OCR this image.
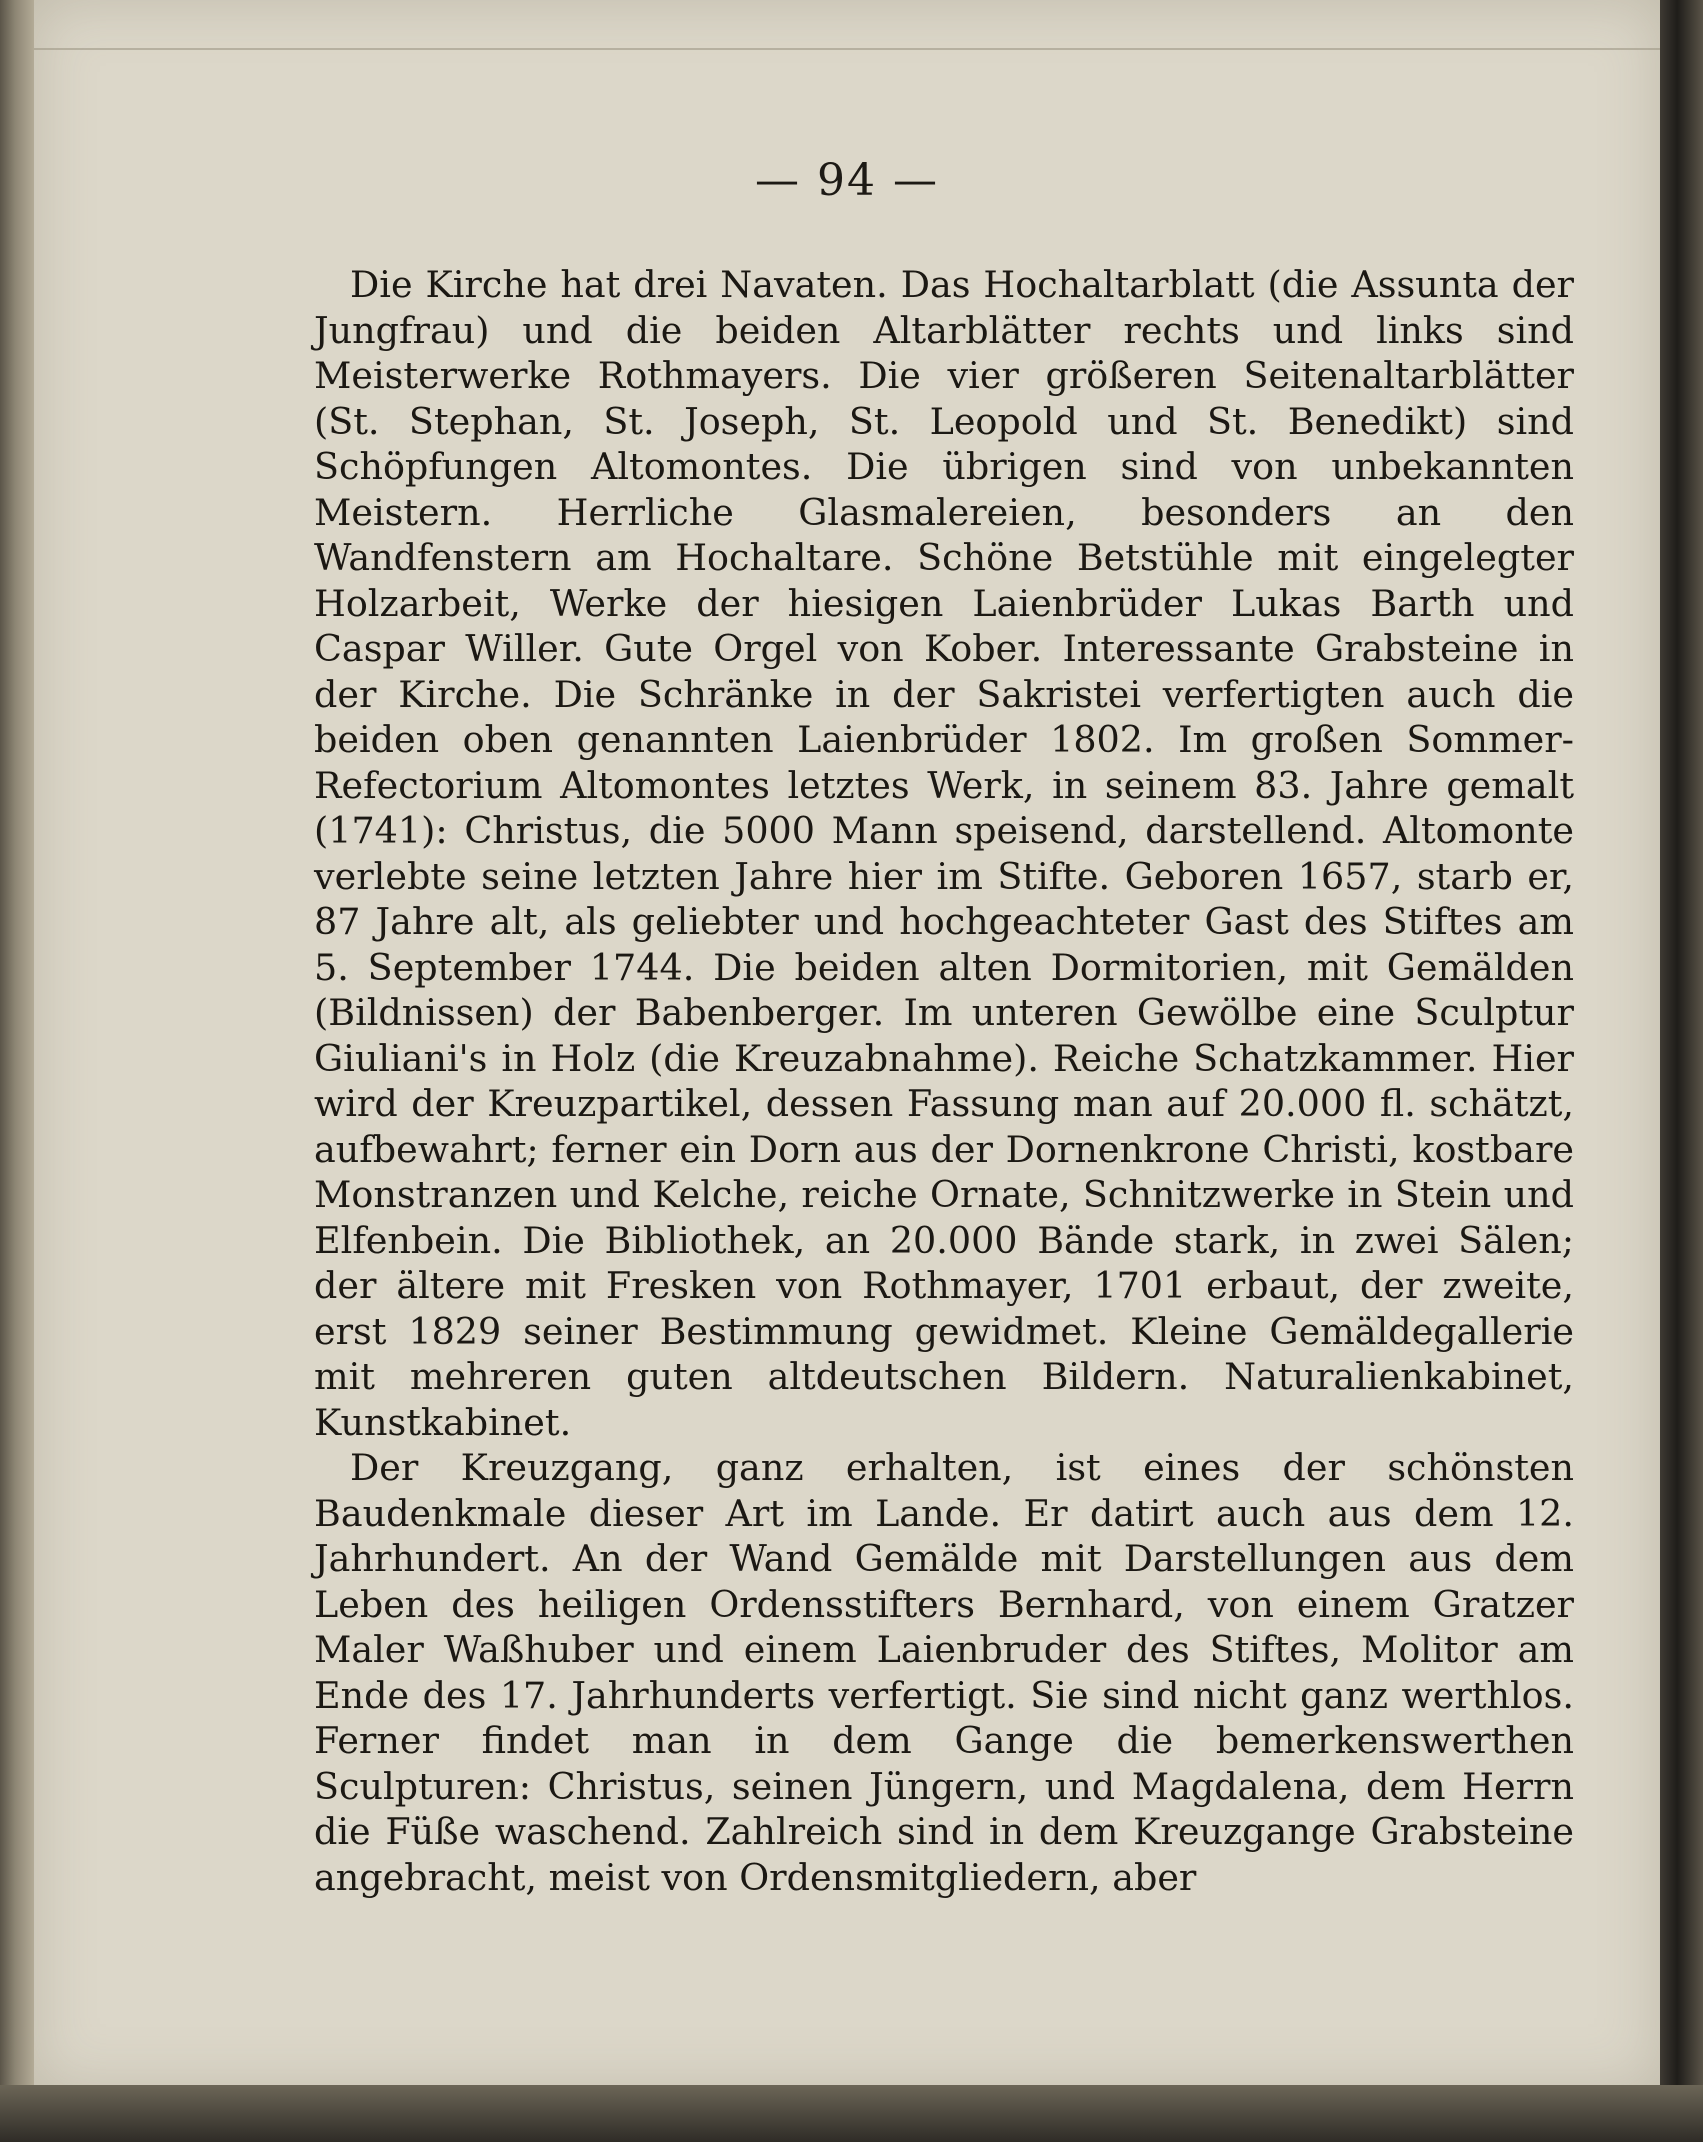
— 94 —

Die Kirche hat drei Navaten. Das Hochaltarblatt (die Assunta der Jungfrau) und die beiden Altarblätter rechts und links sind Meisterwerke Rothmayers. Die vier größeren Seitenaltarblätter (St. Stephan, St. Joseph, St. Leopold und St. Benedikt) sind Schöpfungen Altomontes. Die übrigen sind von unbekannten Meistern. Herrliche Glasmalereien, besonders an den Wandfenstern am Hochaltare. Schöne Betstühle mit eingelegter Holzarbeit, Werke der hiesigen Laienbrüder Lukas Barth und Caspar Willer. Gute Orgel von Kober. Interessante Grabsteine in der Kirche. Die Schränke in der Sakristei verfertigten auch die beiden oben genannten Laienbrüder 1802. Im großen Sommer-Refectorium Altomontes letztes Werk, in seinem 83. Jahre gemalt (1741): Christus, die 5000 Mann speisend, darstellend. Altomonte verlebte seine letzten Jahre hier im Stifte. Geboren 1657, starb er, 87 Jahre alt, als geliebter und hochgeachteter Gast des Stiftes am 5. September 1744. Die beiden alten Dormitorien, mit Gemälden (Bildnissen) der Babenberger. Im unteren Gewölbe eine Sculptur Giuliani's in Holz (die Kreuzabnahme). Reiche Schatzkammer. Hier wird der Kreuzpartikel, dessen Fassung man auf 20.000 fl. schätzt, aufbewahrt; ferner ein Dorn aus der Dornenkrone Christi, kostbare Monstranzen und Kelche, reiche Ornate, Schnitzwerke in Stein und Elfenbein. Die Bibliothek, an 20.000 Bände stark, in zwei Sälen; der ältere mit Fresken von Rothmayer, 1701 erbaut, der zweite, erst 1829 seiner Bestimmung gewidmet. Kleine Gemäldegallerie mit mehreren guten altdeutschen Bildern. Naturalienkabinet, Kunstkabinet.

Der Kreuzgang, ganz erhalten, ist eines der schönsten Baudenkmale dieser Art im Lande. Er datirt auch aus dem 12. Jahrhundert. An der Wand Gemälde mit Darstellungen aus dem Leben des heiligen Ordensstifters Bernhard, von einem Gratzer Maler Waßhuber und einem Laienbruder des Stiftes, Molitor am Ende des 17. Jahrhunderts verfertigt. Sie sind nicht ganz werthlos. Ferner findet man in dem Gange die bemerkenswerthen Sculpturen: Christus, seinen Jüngern, und Magdalena, dem Herrn die Füße waschend. Zahlreich sind in dem Kreuzgange Grabsteine angebracht, meist von Ordensmitgliedern, aber
